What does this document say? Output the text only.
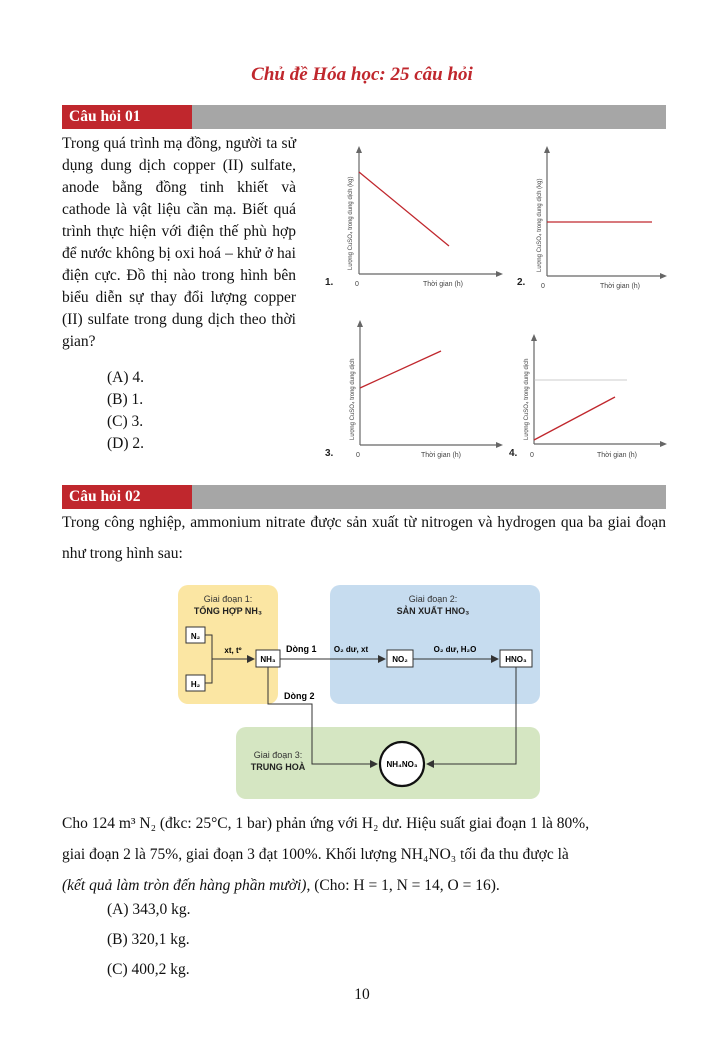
Chủ đề Hóa học: 25 câu hỏi
Câu hỏi 01
Trong quá trình mạ đồng, người ta sử dụng dung dịch copper (II) sulfate, anode bằng đồng tinh khiết và cathode là vật liệu cần mạ. Biết quá trình thực hiện với điện thế phù hợp để nước không bị oxi hoá – khử ở hai điện cực. Đồ thị nào trong hình bên biểu diễn sự thay đổi lượng copper (II) sulfate trong dung dịch theo thời gian?
(A) 4.
(B) 1.
(C) 3.
(D) 2.
Lượng CuSO₄ trong dung dịch (kg)
0	Thời gian (h)
1.
Lượng CuSO₄ trong dung dịch (kg)
0	Thời gian (h)
2.
Lượng CuSO₄ trong dung dịch
0	Thời gian (h)
3.
Lượng CuSO₄ trong dung dịch
0	Thời gian (h)
4.
Câu hỏi 02
Trong công nghiệp, ammonium nitrate được sản xuất từ nitrogen và hydrogen qua ba giai đoạn như trong hình sau:
Giai đoạn 1:
TỔNG HỢP NH₃
Giai đoạn 2:
SẢN XUẤT HNO₃
Giai đoạn 3:
TRUNG HOÀ
N₂
H₂
xt, tº
NH₃
Dòng 1 O₂ dư, xt
NO₂
O₂ dư, H₂O
HNO₃
Dòng 2
NH₄NO₃
Cho 124 m³ N₂ (đkc: 25°C, 1 bar) phản ứng với H₂ dư. Hiệu suất giai đoạn 1 là 80%,
giai đoạn 2 là 75%, giai đoạn 3 đạt 100%. Khối lượng NH₄NO₃ tối đa thu được là
(kết quả làm tròn đến hàng phần mười), (Cho: H = 1, N = 14, O = 16).
(A) 343,0 kg.
(B) 320,1 kg.
(C) 400,2 kg.
10
